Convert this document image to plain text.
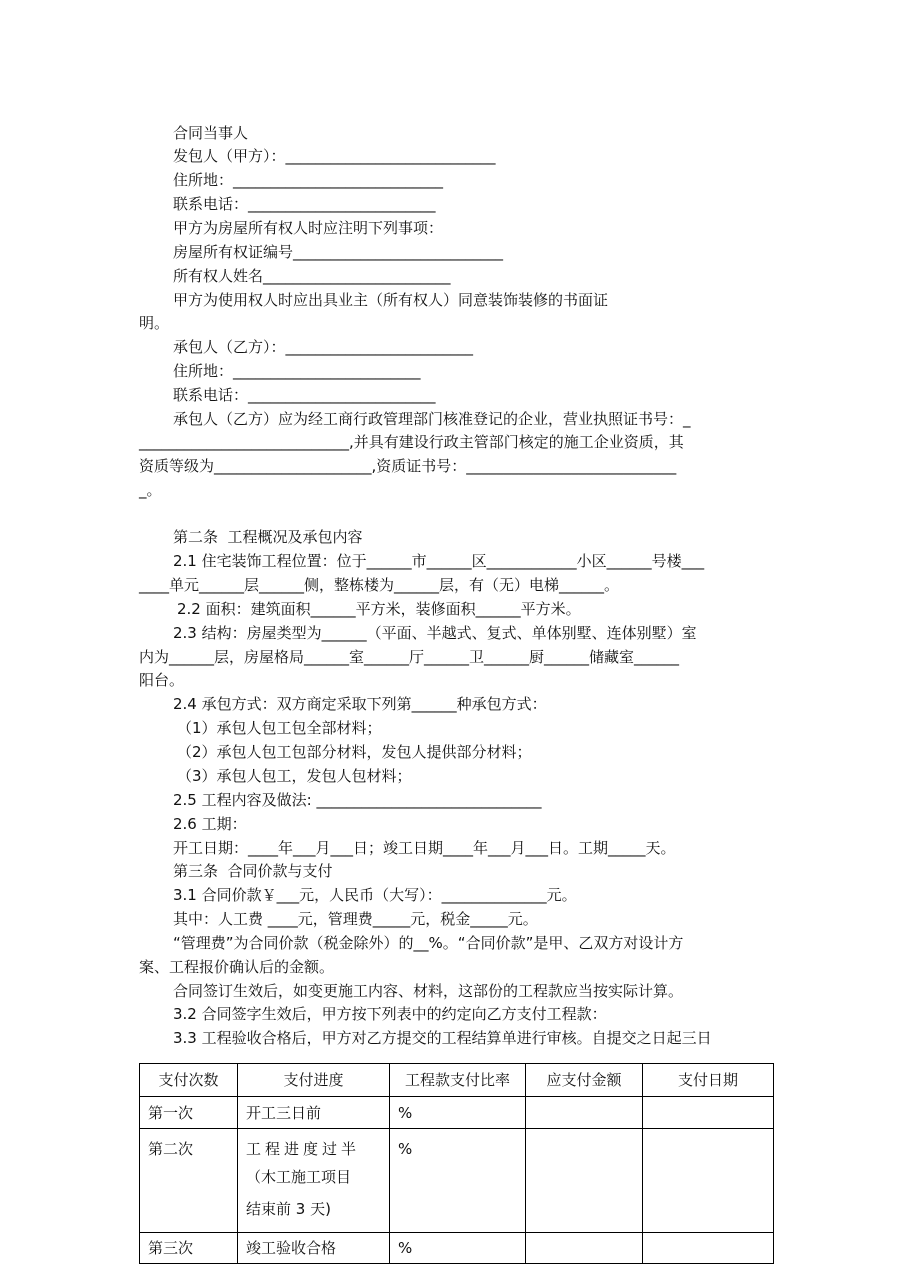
合同当事人
发包人（甲方）：____________________________
住所地：____________________________
联系电话：_________________________
甲方为房屋所有权人时应注明下列事项：
房屋所有权证编号____________________________
所有权人姓名_________________________
甲方为使用权人时应出具业主（所有权人）同意装饰装修的书面证
明。
承包人（乙方）：_________________________
住所地：_________________________
联系电话：_________________________
承包人（乙方）应为经工商行政管理部门核准登记的企业，营业执照证书号：_
____________________________,并具有建设行政主管部门核定的施工企业资质，其
资质等级为_____________________,资质证书号：____________________________
_。
第二条  工程概况及承包内容
2.1 住宅装饰工程位置：位于______市______区____________小区______号楼___
____单元______层______侧，整栋楼为______层，有（无）电梯______。
2.2 面积：建筑面积______平方米，装修面积______平方米。
2.3 结构：房屋类型为______（平面、半越式、复式、单体别墅、连体别墅）室
内为______层，房屋格局______室______厅______卫______厨______储藏室______
阳台。
2.4 承包方式：双方商定采取下列第______种承包方式：
（1）承包人包工包全部材料；
（2）承包人包工包部分材料，发包人提供部分材料；
（3）承包人包工，发包人包材料；
2.5 工程内容及做法: ______________________________
2.6 工期：
开工日期：____年___月___日；竣工日期____年___月___日。工期_____天。
第三条  合同价款与支付
3.1 合同价款￥___元，人民币（大写）：______________元。
其中：人工费 ____元，管理费_____元，税金_____元。
“管理费”为合同价款（税金除外）的__%。“合同价款”是甲、乙双方对设计方
案、工程报价确认后的金额。
合同签订生效后，如变更施工内容、材料，这部份的工程款应当按实际计算。
3.2 合同签字生效后，甲方按下列表中的约定向乙方支付工程款：
3.3 工程验收合格后，甲方对乙方提交的工程结算单进行审核。自提交之日起三日
支付次数	支付进度	工程款支付比率	应支付金额	支付日期
第一次	开工三日前	%		

第二次	工程进度过半
（木工施工项目
结束前 3 天)	%		

第三次	竣工验收合格	%		
